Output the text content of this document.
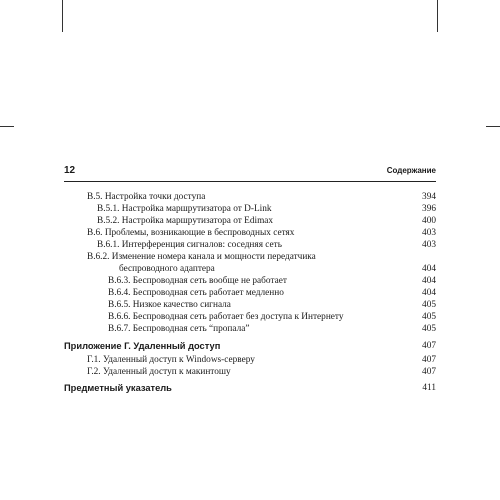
12	Содержание
В.5. Настройка точки доступа	394
В.5.1. Настройка маршрутизатора от D-Link	396
В.5.2. Настройка маршрутизатора от Edimax	400
В.6. Проблемы, возникающие в беспроводных сетях	403
В.6.1. Интерференция сигналов: соседняя сеть	403
В.6.2. Изменение номера канала и мощности передатчика
беспроводного адаптера	404
В.6.3. Беспроводная сеть вообще не работает	404
В.6.4. Беспроводная сеть работает медленно	404
В.6.5. Низкое качество сигнала	405
В.6.6. Беспроводная сеть работает без доступа к Интернету	405
В.6.7. Беспроводная сеть “пропала”	405
Приложение Г. Удаленный доступ	407
Г.1. Удаленный доступ к Windows-серверу	407
Г.2. Удаленный доступ к макинтошу	407
Предметный указатель	411
